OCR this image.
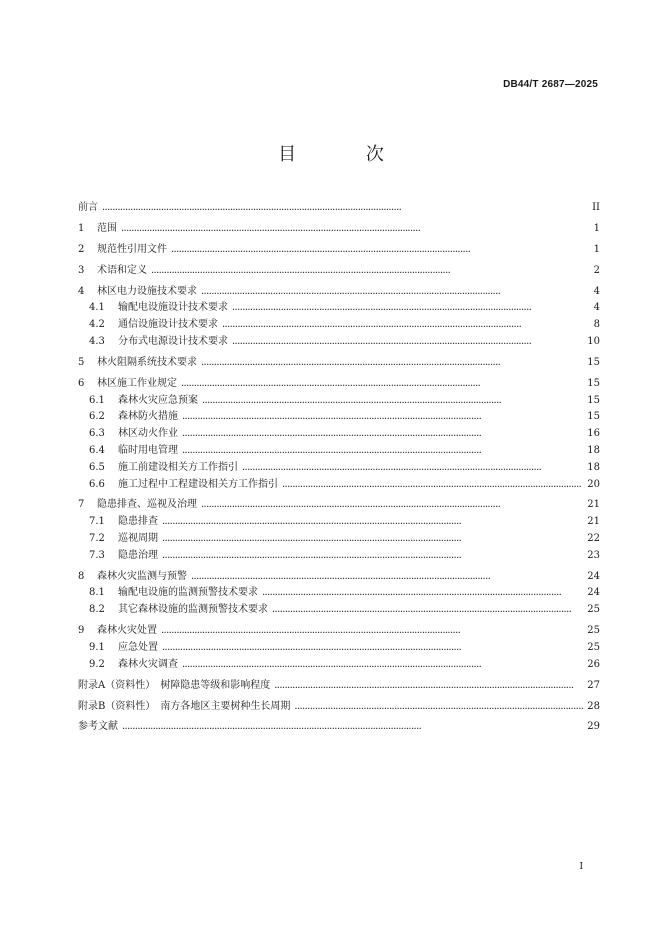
DB44/T 2687—2025
目 次
前言 . . .	II
1	范围 . . .	1
2	规范性引用文件 . . .	1
3	术语和定义 . . .	2
4	林区电力设施技术要求 . . .	4
4.1	输配电设施设计技术要求 . . .	4
4.2	通信设施设计技术要求 . . .	8
4.3	分布式电源设计技术要求 . . .	10
5	林火阻隔系统技术要求 . . .	15
6	林区施工作业规定 . . .	15
6.1	森林火灾应急预案 . . .	15
6.2	森林防火措施 . . .	15
6.3	林区动火作业 . . .	16
6.4	临时用电管理 . . .	18
6.5	施工前建设相关方工作指引 . . .	18
6.6	施工过程中工程建设相关方工作指引 . . .	20
7	隐患排查、巡视及治理 . . .	21
7.1	隐患排查 . . .	21
7.2	巡视周期 . . .	22
7.3	隐患治理 . . .	23
8	森林火灾监测与预警 . . .	24
8.1	输配电设施的监测预警技术要求 . . .	24
8.2	其它森林设施的监测预警技术要求 . . .	25
9	森林火灾处置 . . .	25
9.1	应急处置 . . .	25
9.2	森林火灾调查 . . .	26
附录A（资料性）　树障隐患等级和影响程度 . . .	27
附录B（资料性）　南方各地区主要树种生长周期 . . .	28
参考文献 . . .	29
I
